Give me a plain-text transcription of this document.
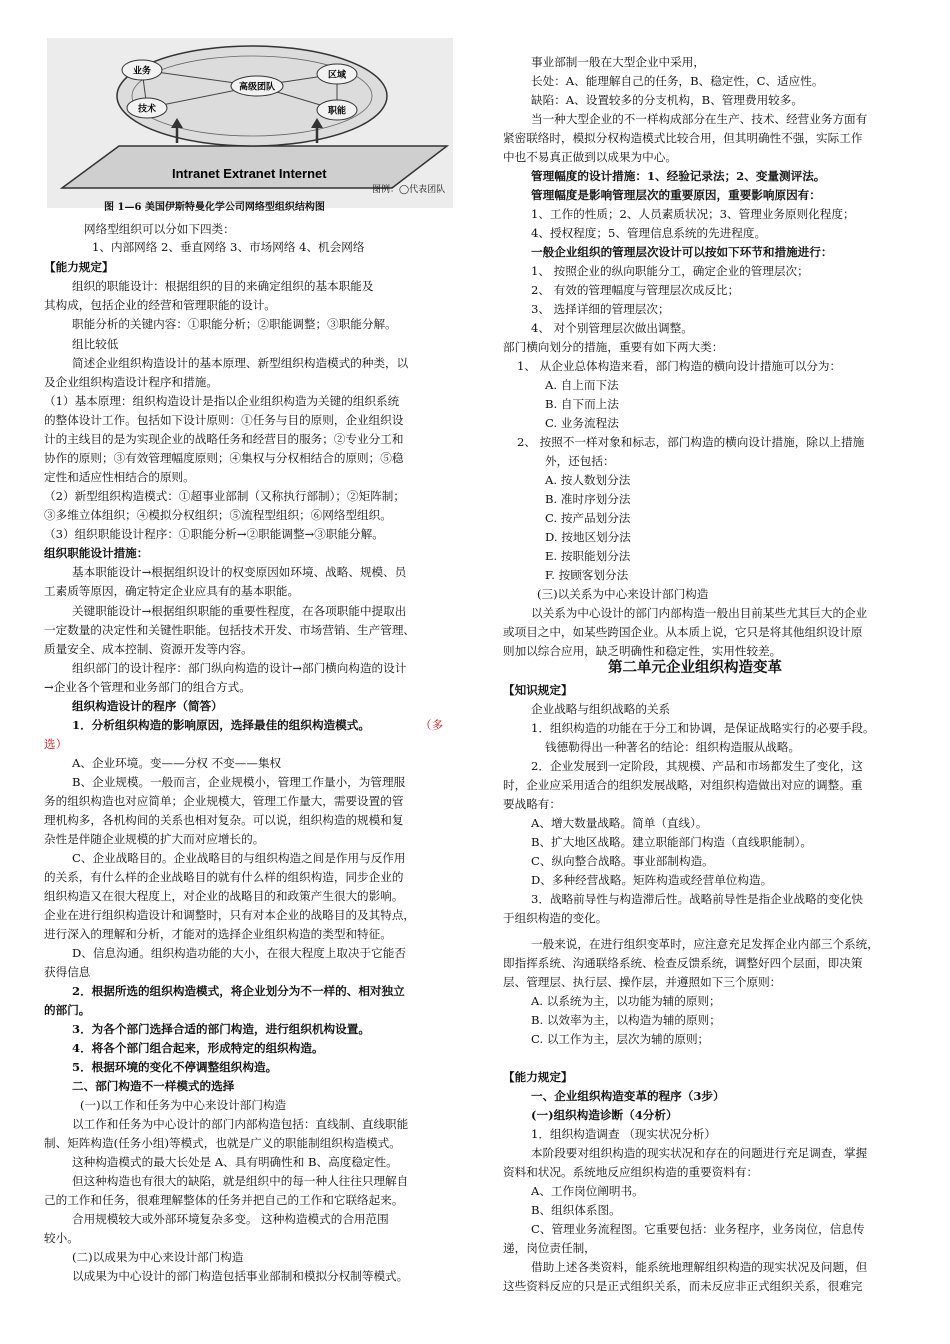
业务	区域
高级团队
技术	职能
Intranet Extranet Internet
图例：◯代表团队
图 1—6 美国伊斯特曼化学公司网络型组织结构图
网络型组织可以分如下四类：
1、内部网络 2、垂直网络 3、市场网络 4、机会网络
【能力规定】
组织的职能设计：根据组织的目的来确定组织的基本职能及
其构成，包括企业的经营和管理职能的设计。
职能分析的关键内容：①职能分析；②职能调整；③职能分解。
组比较低
简述企业组织构造设计的基本原理、新型组织构造模式的种类，以
及企业组织构造设计程序和措施。
（1）基本原理：组织构造设计是指以企业组织构造为关键的组织系统
的整体设计工作。包括如下设计原则：①任务与目的原则，企业组织设
计的主线目的是为实现企业的战略任务和经营目的服务；②专业分工和
协作的原则；③有效管理幅度原则；④集权与分权相结合的原则；⑤稳
定性和适应性相结合的原则。
（2）新型组织构造模式：①超事业部制（又称执行部制）；②矩阵制；
③多维立体组织；④模拟分权组织；⑤流程型组织；⑥网络型组织。
（3）组织职能设计程序：①职能分析→②职能调整→③职能分解。
组织职能设计措施：
基本职能设计→根据组织设计的权变原因如环境、战略、规模、员
工素质等原因，确定特定企业应具有的基本职能。
关键职能设计→根据组织职能的重要性程度，在各项职能中提取出
一定数量的决定性和关键性职能。包括技术开发、市场营销、生产管理、
质量安全、成本控制、资源开发等内容。
组织部门的设计程序：部门纵向构造的设计→部门横向构造的设计
→企业各个管理和业务部门的组合方式。
组织构造设计的程序（简答）
1．分析组织构造的影响原因，选择最佳的组织构造模式。	（多
选）
A、企业环境。变——分权 不变——集权
B、企业规模。一般而言，企业规模小，管理工作量小，为管理服
务的组织构造也对应简单；企业规模大，管理工作量大，需要设置的管
理机构多，各机构间的关系也相对复杂。可以说，组织构造的规模和复
杂性是伴随企业规模的扩大而对应增长的。
C、企业战略目的。企业战略目的与组织构造之间是作用与反作用
的关系，有什么样的企业战略目的就有什么样的组织构造，同步企业的
组织构造又在很大程度上，对企业的战略目的和政策产生很大的影响。
企业在进行组织构造设计和调整时，只有对本企业的战略目的及其特点，
进行深入的理解和分析，才能对的选择企业组织构造的类型和特征。
D、信息沟通。组织构造功能的大小，在很大程度上取决于它能否
获得信息
2．根据所选的组织构造模式，将企业划分为不一样的、相对独立
的部门。
3．为各个部门选择合适的部门构造，进行组织机构设置。
4．将各个部门组合起来，形成特定的组织构造。
5．根据环境的变化不停调整组织构造。
二、部门构造不一样模式的选择
(一)以工作和任务为中心来设计部门构造
以工作和任务为中心设计的部门内部构造包括：直线制、直线职能
制、矩阵构造(任务小组)等模式，也就是广义的职能制组织构造模式。
这种构造模式的最大长处是 A、具有明确性和 B、高度稳定性。
但这种构造也有很大的缺陷，就是组织中的每一种人往往只理解自
己的工作和任务，很难理解整体的任务并把自己的工作和它联络起来。
合用规模较大或外部环境复杂多变。 这种构造模式的合用范围
较小。
(二)以成果为中心来设计部门构造
以成果为中心设计的部门构造包括事业部制和模拟分权制等模式。
事业部制一般在大型企业中采用，
长处：A、能理解自己的任务，B、稳定性，C、适应性。
缺陷：A、设置较多的分支机构，B、管理费用较多。
当一种大型企业的不一样构成部分在生产、技术、经营业务方面有
紧密联络时，模拟分权构造模式比较合用，但其明确性不强，实际工作
中也不易真正做到以成果为中心。
管理幅度的设计措施：1、经验记录法；2、变量测评法。
管理幅度是影响管理层次的重要原因，重要影响原因有：
1、工作的性质；2、人员素质状况；3、管理业务原则化程度；
4、授权程度；5、管理信息系统的先进程度。
一般企业组织的管理层次设计可以按如下环节和措施进行：
1、 按照企业的纵向职能分工，确定企业的管理层次；
2、 有效的管理幅度与管理层次成反比；
3、 选择详细的管理层次；
4、 对个别管理层次做出调整。
部门横向划分的措施，重要有如下两大类：
1、 从企业总体构造来看，部门构造的横向设计措施可以分为：
A. 自上而下法
B. 自下而上法
C. 业务流程法
2、 按照不一样对象和标志，部门构造的横向设计措施，除以上措施
外，还包括：
A. 按人数划分法
B. 准时序划分法
C. 按产品划分法
D. 按地区划分法
E. 按职能划分法
F. 按顾客划分法
(三)以关系为中心来设计部门构造
以关系为中心设计的部门内部构造一般出目前某些尤其巨大的企业
或项目之中，如某些跨国企业。从本质上说，它只是将其他组织设计原
则加以综合应用，缺乏明确性和稳定性，实用性较差。
第二单元企业组织构造变革
【知识规定】
企业战略与组织战略的关系
1．组织构造的功能在于分工和协调，是保证战略实行的必要手段。
钱德勒得出一种著名的结论：组织构造服从战略。
2．企业发展到一定阶段，其规模、产品和市场都发生了变化，这
时，企业应采用适合的组织发展战略，对组织构造做出对应的调整。重
要战略有：
A、增大数量战略。简单（直线）。
B、扩大地区战略。建立职能部门构造（直线职能制）。
C、纵向整合战略。事业部制构造。
D、多种经营战略。矩阵构造或经营单位构造。
3．战略前导性与构造滞后性。战略前导性是指企业战略的变化快
于组织构造的变化。
一般来说，在进行组织变革时，应注意充足发挥企业内部三个系统，
即指挥系统、沟通联络系统、检查反馈系统，调整好四个层面，即决策
层、管理层、执行层、操作层，并遵照如下三个原则：
A. 以系统为主，以功能为辅的原则；
B. 以效率为主，以构造为辅的原则；
C. 以工作为主，层次为辅的原则；
【能力规定】
一、企业组织构造变革的程序（3步）
(一)组织构造诊断（4分析）
1．组织构造调查 （现实状况分析）
本阶段要对组织构造的现实状况和存在的问题进行充足调查，掌握
资料和状况。系统地反应组织构造的重要资料有：
A、工作岗位阐明书。
B、组织体系图。
C、管理业务流程图。它重要包括：业务程序，业务岗位，信息传
递，岗位责任制，
借助上述各类资料，能系统地理解组织构造的现实状况及问题，但
这些资料反应的只是正式组织关系，而未反应非正式组织关系，很难完
